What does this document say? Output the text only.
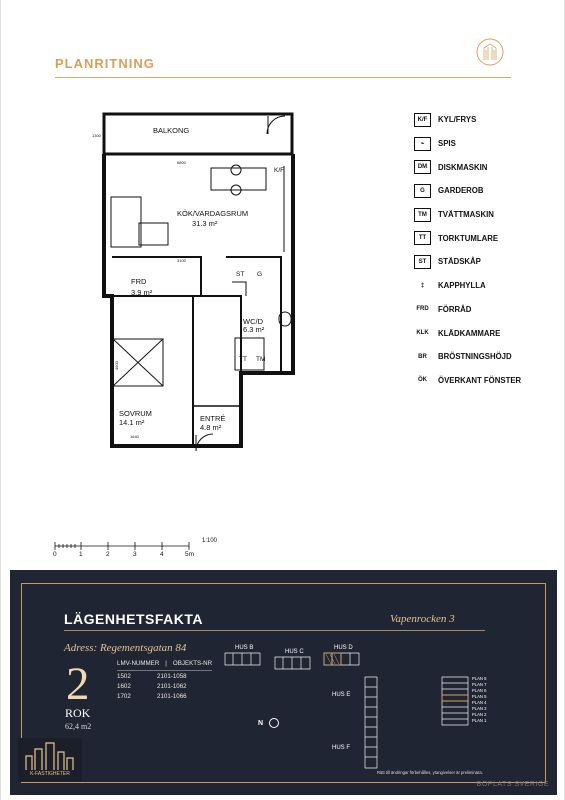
PLANRITNING
6740
1300
BALKONG
KÖK/VARDAGSRUM
31.3 m²
FRD
3.9 m²
WC/D
6.3 m²
SOVRUM
14.1 m²	ENTRÉ
4.8 m²
K/F
ST G
TT TM
6800
3100
1640
4900
K/F	KYL/FRYS
⌁	SPIS
DM	DISKMASKIN
G	GARDEROB
TM	TVÄTTMASKIN
TT	TORKTUMLARE
ST	STÄDSKÅP
‡	KAPPHYLLA
FRD FÖRRÅD
KLK KLÄDKAMMARE
BR	BRÖSTNINGSHÖJD
ÖK	ÖVERKANT FÖNSTER
0	1	2	3	4	5m
1:100
LÄGENHETSFAKTA	Vapenrocken 3
Adress: Regementsgatan 84
2
ROK
62,4 m2
LMV-NUMMER | OBJEKTS-NR
1502	2101-1058
1602	2101-1062
1702	2101-1066
HUS B
HUS C
HUS D
HUS E
HUS F
PLAN 8
PLAN 7
PLAN 6
PLAN 5
PLAN 4
PLAN 3
PLAN 2
PLAN 1
N
Rätt till ändringar förbehålles, ytangivelser är preliminära.
K-FASTIGHETER
BOPLATS SVERIGE
